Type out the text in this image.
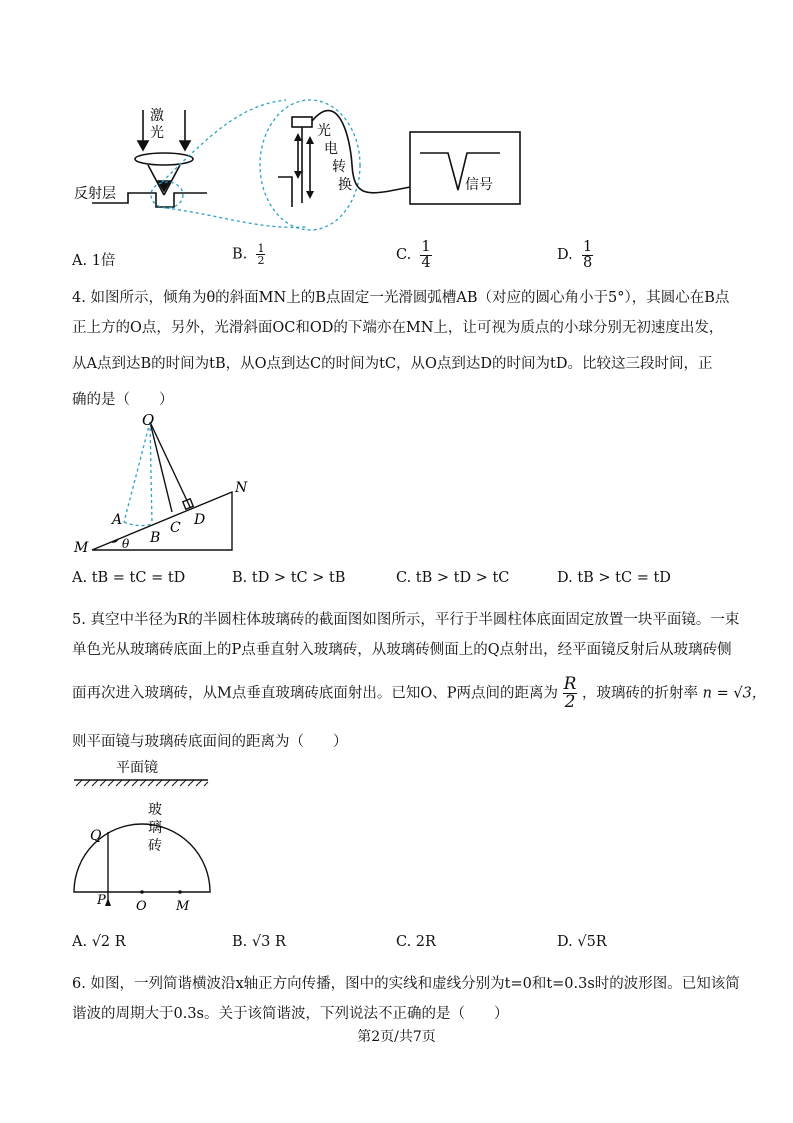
激光
反射层
光电转换	信号
A. 1倍	B. $\frac{1}{2}$	C. $\frac{1}{4}$	D. $\frac{1}{8}$
4. 如图所示，倾角为θ的斜面MN上的B点固定一光滑圆弧槽AB（对应的圆心角小于5°），其圆心在B点
正上方的O点，另外，光滑斜面OC和OD的下端亦在MN上，让可视为质点的小球分别无初速度出发，
从A点到达B的时间为tB，从O点到达C的时间为tC，从O点到达D的时间为tD。比较这三段时间，正
确的是（　　）
O
A
B
C D
M
N
θ
A. tB = tC = tD	B. tD > tC > tB	C. tB > tD > tC	D. tB > tC = tD
5. 真空中半径为R的半圆柱体玻璃砖的截面图如图所示，平行于半圆柱体底面固定放置一块平面镜。一束
单色光从玻璃砖底面上的P点垂直射入玻璃砖，从玻璃砖侧面上的Q点射出，经平面镜反射后从玻璃砖侧
面再次进入玻璃砖，从M点垂直玻璃砖底面射出。已知O、P两点间的距离为 $\frac{R}{2}$ ，玻璃砖的折射率 n = √3，
则平面镜与玻璃砖底面间的距离为（　　）
平面镜
玻璃砖
Q
P O M
A. √2 R	B. √3 R	C. 2R	D. √5R
6. 如图，一列简谐横波沿x轴正方向传播，图中的实线和虚线分别为t=0和t=0.3s时的波形图。已知该简
谐波的周期大于0.3s。关于该简谐波，下列说法不正确的是（　　）
第2页/共7页
